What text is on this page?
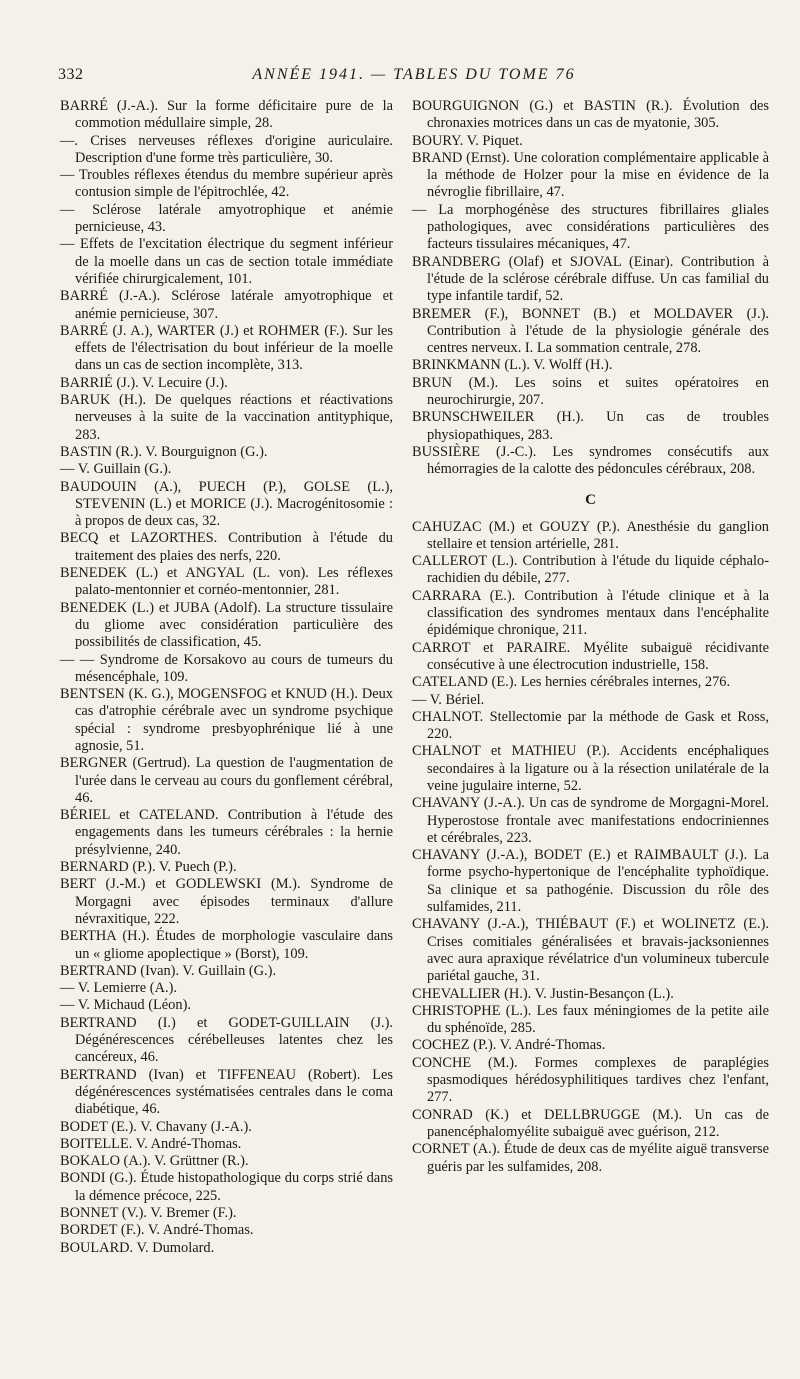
332	ANNÉE 1941. — TABLES DU TOME 76
BARRÉ (J.-A.). Sur la forme déficitaire pure de la commotion médullaire simple, 28.
—. Crises nerveuses réflexes d'origine auriculaire. Description d'une forme très particulière, 30.
— Troubles réflexes étendus du membre supérieur après contusion simple de l'épitrochlée, 42.
— Sclérose latérale amyotrophique et anémie pernicieuse, 43.
— Effets de l'excitation électrique du segment inférieur de la moelle dans un cas de section totale immédiate vérifiée chirurgicalement, 101.
BARRÉ (J.-A.). Sclérose latérale amyotrophique et anémie pernicieuse, 307.
BARRÉ (J. A.), WARTER (J.) et ROHMER (F.). Sur les effets de l'électrisation du bout inférieur de la moelle dans un cas de section incomplète, 313.
BARRIÉ (J.). V. Lecuire (J.).
BARUK (H.). De quelques réactions et réactivations nerveuses à la suite de la vaccination antityphique, 283.
BASTIN (R.). V. Bourguignon (G.).
— V. Guillain (G.).
BAUDOUIN (A.), PUECH (P.), GOLSE (L.), STEVENIN (L.) et MORICE (J.). Macrogénitosomie : à propos de deux cas, 32.
BECQ et LAZORTHES. Contribution à l'étude du traitement des plaies des nerfs, 220.
BENEDEK (L.) et ANGYAL (L. von). Les réflexes palato-mentonnier et cornéo-mentonnier, 281.
BENEDEK (L.) et JUBA (Adolf). La structure tissulaire du gliome avec considération particulière des possibilités de classification, 45.
— — Syndrome de Korsakovo au cours de tumeurs du mésencéphale, 109.
BENTSEN (K. G.), MOGENSFOG et KNUD (H.). Deux cas d'atrophie cérébrale avec un syndrome psychique spécial : syndrome presbyophrénique lié à une agnosie, 51.
BERGNER (Gertrud). La question de l'augmentation de l'urée dans le cerveau au cours du gonflement cérébral, 46.
BÉRIEL et CATELAND. Contribution à l'étude des engagements dans les tumeurs cérébrales : la hernie présylvienne, 240.
BERNARD (P.). V. Puech (P.).
BERT (J.-M.) et GODLEWSKI (M.). Syndrome de Morgagni avec épisodes terminaux d'allure névraxitique, 222.
BERTHA (H.). Études de morphologie vasculaire dans un « gliome apoplectique » (Borst), 109.
BERTRAND (Ivan). V. Guillain (G.).
— V. Lemierre (A.).
— V. Michaud (Léon).
BERTRAND (I.) et GODET-GUILLAIN (J.). Dégénérescences cérébelleuses latentes chez les cancéreux, 46.
BERTRAND (Ivan) et TIFFENEAU (Robert). Les dégénérescences systématisées centrales dans le coma diabétique, 46.
BODET (E.). V. Chavany (J.-A.).
BOITELLE. V. André-Thomas.
BOKALO (A.). V. Grüttner (R.).
BONDI (G.). Étude histopathologique du corps strié dans la démence précoce, 225.
BONNET (V.). V. Bremer (F.).
BORDET (F.). V. André-Thomas.
BOULARD. V. Dumolard.
BOURGUIGNON (G.) et BASTIN (R.). Évolution des chronaxies motrices dans un cas de myatonie, 305.
BOURY. V. Piquet.
BRAND (Ernst). Une coloration complémentaire applicable à la méthode de Holzer pour la mise en évidence de la névroglie fibrillaire, 47.
— La morphogénèse des structures fibrillaires gliales pathologiques, avec considérations particulières des facteurs tissulaires mécaniques, 47.
BRANDBERG (Olaf) et SJOVAL (Einar). Contribution à l'étude de la sclérose cérébrale diffuse. Un cas familial du type infantile tardif, 52.
BREMER (F.), BONNET (B.) et MOLDAVER (J.). Contribution à l'étude de la physiologie générale des centres nerveux. I. La sommation centrale, 278.
BRINKMANN (L.). V. Wolff (H.).
BRUN (M.). Les soins et suites opératoires en neurochirurgie, 207.
BRUNSCHWEILER (H.). Un cas de troubles physiopathiques, 283.
BUSSIÈRE (J.-C.). Les syndromes consécutifs aux hémorragies de la calotte des pédoncules cérébraux, 208.
C
CAHUZAC (M.) et GOUZY (P.). Anesthésie du ganglion stellaire et tension artérielle, 281.
CALLEROT (L.). Contribution à l'étude du liquide céphalo-rachidien du débile, 277.
CARRARA (E.). Contribution à l'étude clinique et à la classification des syndromes mentaux dans l'encéphalite épidémique chronique, 211.
CARROT et PARAIRE. Myélite subaiguë récidivante consécutive à une électrocution industrielle, 158.
CATELAND (E.). Les hernies cérébrales internes, 276.
— V. Bériel.
CHALNOT. Stellectomie par la méthode de Gask et Ross, 220.
CHALNOT et MATHIEU (P.). Accidents encéphaliques secondaires à la ligature ou à la résection unilatérale de la veine jugulaire interne, 52.
CHAVANY (J.-A.). Un cas de syndrome de Morgagni-Morel. Hyperostose frontale avec manifestations endocriniennes et cérébrales, 223.
CHAVANY (J.-A.), BODET (E.) et RAIMBAULT (J.). La forme psycho-hypertonique de l'encéphalite typhoïdique. Sa clinique et sa pathogénie. Discussion du rôle des sulfamides, 211.
CHAVANY (J.-A.), THIÉBAUT (F.) et WOLINETZ (E.). Crises comitiales généralisées et bravais-jacksoniennes avec aura apraxique révélatrice d'un volumineux tubercule pariétal gauche, 31.
CHEVALLIER (H.). V. Justin-Besançon (L.).
CHRISTOPHE (L.). Les faux méningiomes de la petite aile du sphénoïde, 285.
COCHEZ (P.). V. André-Thomas.
CONCHE (M.). Formes complexes de paraplégies spasmodiques hérédosyphilitiques tardives chez l'enfant, 277.
CONRAD (K.) et DELLBRUGGE (M.). Un cas de panencéphalomyélite subaiguë avec guérison, 212.
CORNET (A.). Étude de deux cas de myélite aiguë transverse guéris par les sulfamides, 208.
